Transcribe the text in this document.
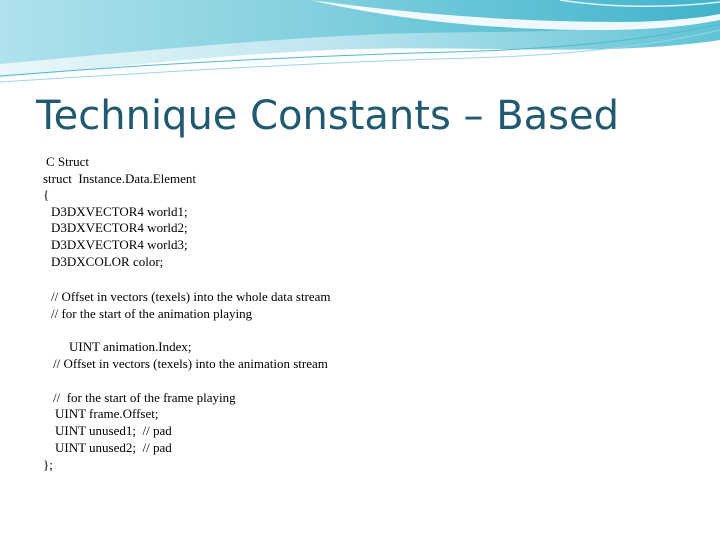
Technique Constants – Based

C Struct

struct  Instance.Data.Element

{

D3DXVECTOR4 world1;

D3DXVECTOR4 world2;

D3DXVECTOR4 world3;

D3DXCOLOR color;

// Offset in vectors (texels) into the whole data stream

// for the start of the animation playing

UINT animation.Index;

// Offset in vectors (texels) into the animation stream

//  for the start of the frame playing

UINT frame.Offset;

UINT unused1;  // pad

UINT unused2;  // pad

};
